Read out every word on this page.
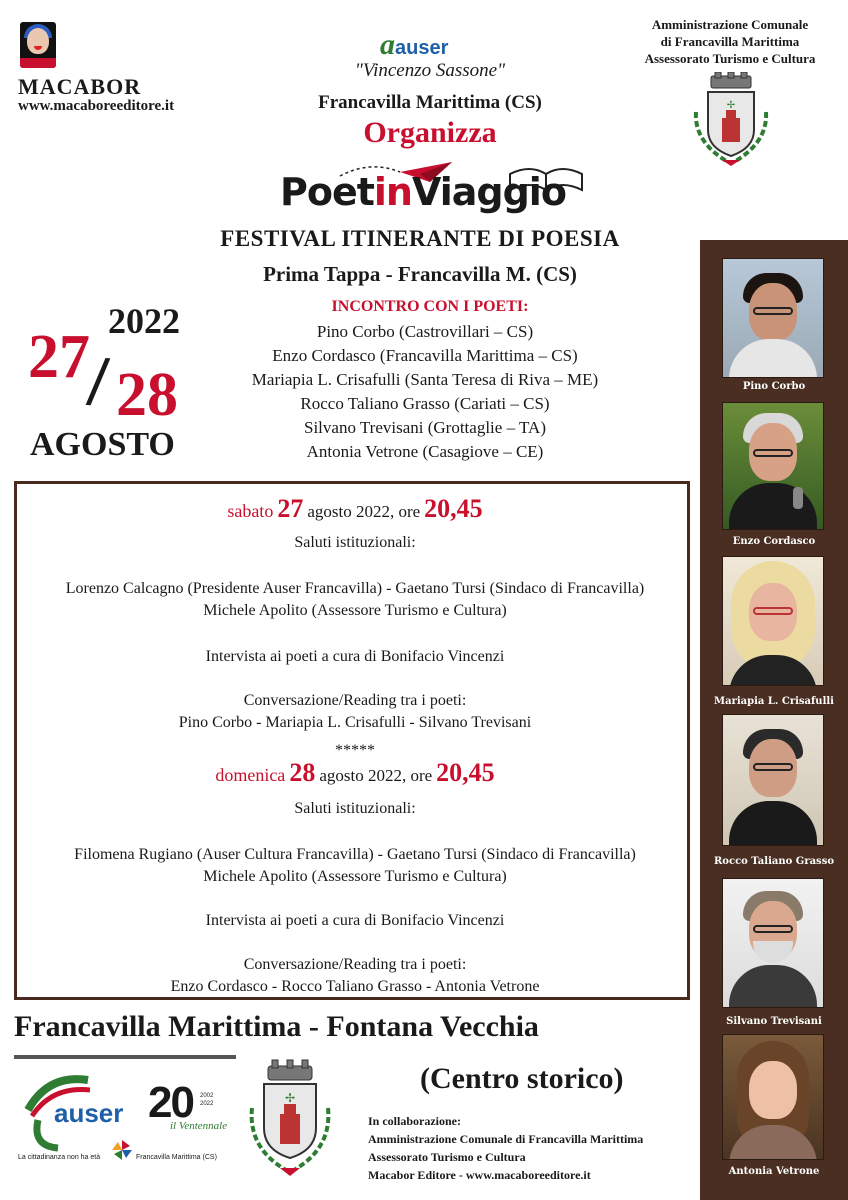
MACABOR
www.macaboreeditore.it
ɑauser
"Vincenzo Sassone"
Francavilla Marittima (CS)
Organizza
PoetinViaggio
Amministrazione Comunale
di Francavilla Marittima
Assessorato Turismo e Cultura
✢
FESTIVAL ITINERANTE DI POESIA
Prima Tappa - Francavilla M. (CS)
INCONTRO CON I POETI:
Pino Corbo (Castrovillari – CS)
Enzo Cordasco (Francavilla Marittima – CS)
Mariapia L. Crisafulli (Santa Teresa di Riva – ME)
Rocco Taliano Grasso (Cariati – CS)
Silvano Trevisani (Grottaglie – TA)
Antonia Vetrone (Casagiove – CE)
2022
27
/ 28
AGOSTO
sabato 27 agosto 2022, ore 20,45
Saluti istituzionali:
Lorenzo Calcagno (Presidente Auser Francavilla) - Gaetano Tursi (Sindaco di Francavilla)
Michele Apolito (Assessore Turismo e Cultura)
Intervista ai poeti a cura di Bonifacio Vincenzi
Conversazione/Reading tra i poeti:
Pino Corbo - Mariapia L. Crisafulli - Silvano Trevisani
*****
domenica 28 agosto 2022, ore 20,45
Saluti istituzionali:
Filomena Rugiano (Auser Cultura Francavilla) - Gaetano Tursi (Sindaco di Francavilla)
Michele Apolito (Assessore Turismo e Cultura)
Intervista ai poeti a cura di Bonifacio Vincenzi
Conversazione/Reading tra i poeti:
Enzo Cordasco - Rocco Taliano Grasso - Antonia Vetrone
Pino Corbo
Enzo Cordasco
Mariapia L. Crisafulli
Rocco Taliano Grasso
Silvano Trevisani
Antonia Vetrone
Francavilla Marittima - Fontana Vecchia
(Centro storico)
auser
La cittadinanza non ha età
20 2002 2022
il Ventennale
Francavilla Marittima (CS)
✢
In collaborazione:
Amministrazione Comunale di Francavilla Marittima
Assessorato Turismo e Cultura
Macabor Editore - www.macaboreeditore.it
